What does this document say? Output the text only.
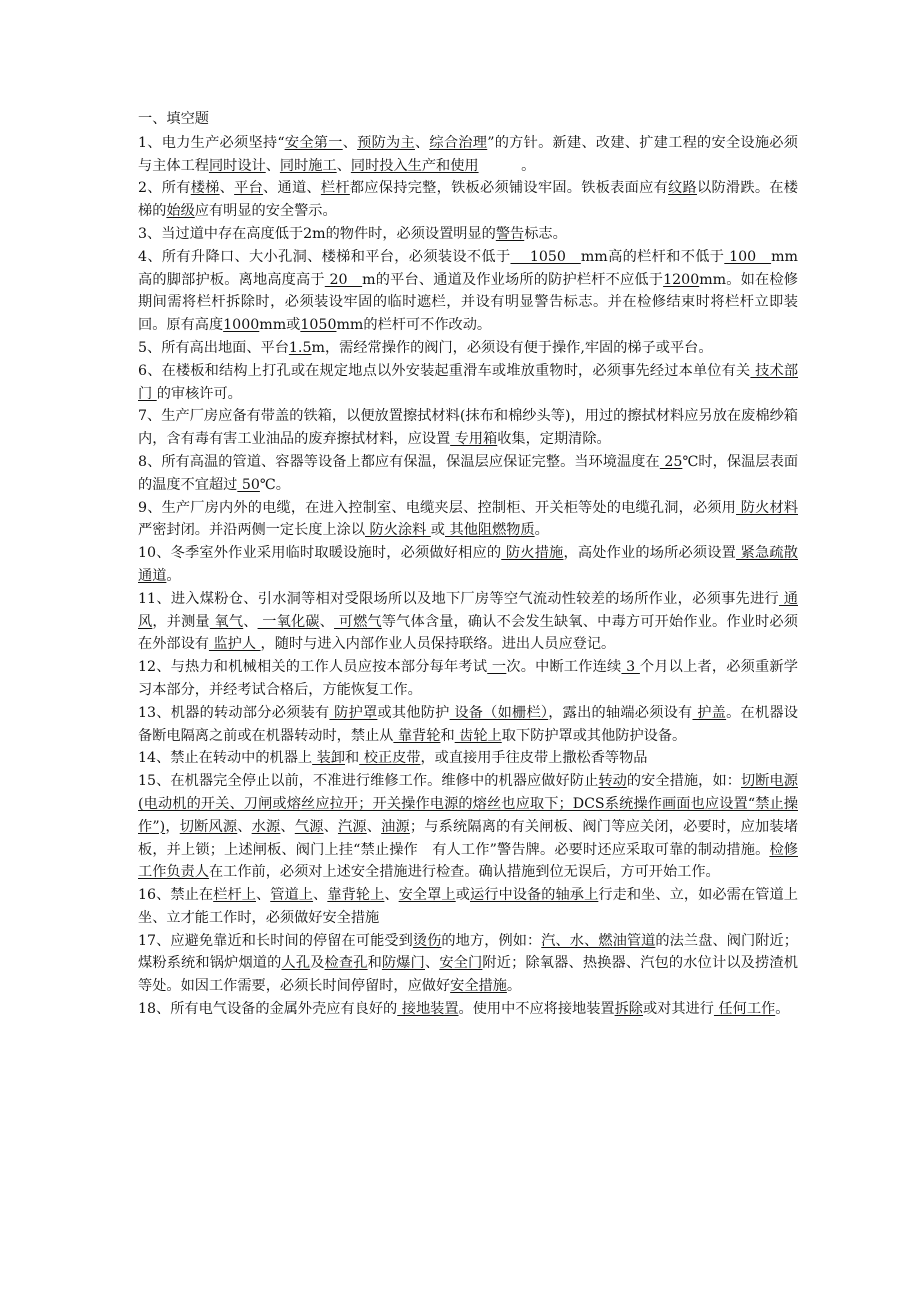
一、填空题

1、电力生产必须坚持“安全第一、预防为主、综合治理”的方针。新建、改建、扩建工程的安全设施必须与主体工程同时设计、同时施工、同时投入生产和使用　　　。

2、所有楼梯、平台、通道、栏杆都应保持完整，铁板必须铺设牢固。铁板表面应有纹路以防滑跌。在楼梯的始级应有明显的安全警示。

3、当过道中存在高度低于2m的物件时，必须设置明显的警告标志。

4、所有升降口、大小孔洞、楼梯和平台，必须装设不低于　 1050　mm高的栏杆和不低于 100　mm高的脚部护板。离地高度高于 20　m的平台、通道及作业场所的防护栏杆不应低于1200mm。如在检修期间需将栏杆拆除时，必须装设牢固的临时遮栏，并设有明显警告标志。并在检修结束时将栏杆立即装回。原有高度1000mm或1050mm的栏杆可不作改动。

5、所有高出地面、平台1.5m，需经常操作的阀门，必须设有便于操作,牢固的梯子或平台。

6、在楼板和结构上打孔或在规定地点以外安装起重滑车或堆放重物时，必须事先经过本单位有关 技术部门 的审核许可。

7、生产厂房应备有带盖的铁箱，以便放置擦拭材料(抹布和棉纱头等)，用过的擦拭材料应另放在废棉纱箱内，含有毒有害工业油品的废弃擦拭材料，应设置 专用箱收集，定期清除。

8、所有高温的管道、容器等设备上都应有保温，保温层应保证完整。当环境温度在 25℃时，保温层表面的温度不宜超过 50℃。

9、生产厂房内外的电缆，在进入控制室、电缆夹层、控制柜、开关柜等处的电缆孔洞，必须用 防火材料严密封闭。并沿两侧一定长度上涂以 防火涂料 或 其他阻燃物质。

10、冬季室外作业采用临时取暖设施时，必须做好相应的 防火措施，高处作业的场所必须设置 紧急疏散通道。

11、进入煤粉仓、引水洞等相对受限场所以及地下厂房等空气流动性较差的场所作业，必须事先进行 通风，并测量 氧气、 一氧化碳、 可燃气等气体含量，确认不会发生缺氧、中毒方可开始作业。作业时必须在外部设有 监护人 ，随时与进入内部作业人员保持联络。进出人员应登记。

12、与热力和机械相关的工作人员应按本部分每年考试 一次。中断工作连续 3 个月以上者，必须重新学习本部分，并经考试合格后，方能恢复工作。

13、机器的转动部分必须装有 防护罩或其他防护 设备（如栅栏），露出的轴端必须设有 护盖。在机器设备断电隔离之前或在机器转动时，禁止从 靠背轮和 齿轮上取下防护罩或其他防护设备。

14、禁止在转动中的机器上 装卸和 校正皮带，或直接用手往皮带上撒松香等物品

15、在机器完全停止以前，不准进行维修工作。维修中的机器应做好防止转动的安全措施，如：切断电源(电动机的开关、刀闸或熔丝应拉开；开关操作电源的熔丝也应取下；DCS系统操作画面也应设置“禁止操作”)，切断风源、水源、气源、汽源、油源；与系统隔离的有关闸板、阀门等应关闭，必要时，应加装堵板，并上锁；上述闸板、阀门上挂“禁止操作　有人工作”警告牌。必要时还应采取可靠的制动措施。检修工作负责人在工作前，必须对上述安全措施进行检查。确认措施到位无误后，方可开始工作。

16、禁止在栏杆上、管道上、靠背轮上、安全罩上或运行中设备的轴承上行走和坐、立，如必需在管道上坐、立才能工作时，必须做好安全措施

17、应避免靠近和长时间的停留在可能受到烫伤的地方，例如：汽、水、燃油管道的法兰盘、阀门附近；煤粉系统和锅炉烟道的人孔及检查孔和防爆门、安全门附近；除氧器、热换器、汽包的水位计以及捞渣机等处。如因工作需要，必须长时间停留时，应做好安全措施。

18、所有电气设备的金属外壳应有良好的 接地装置。使用中不应将接地装置拆除或对其进行 任何工作。
